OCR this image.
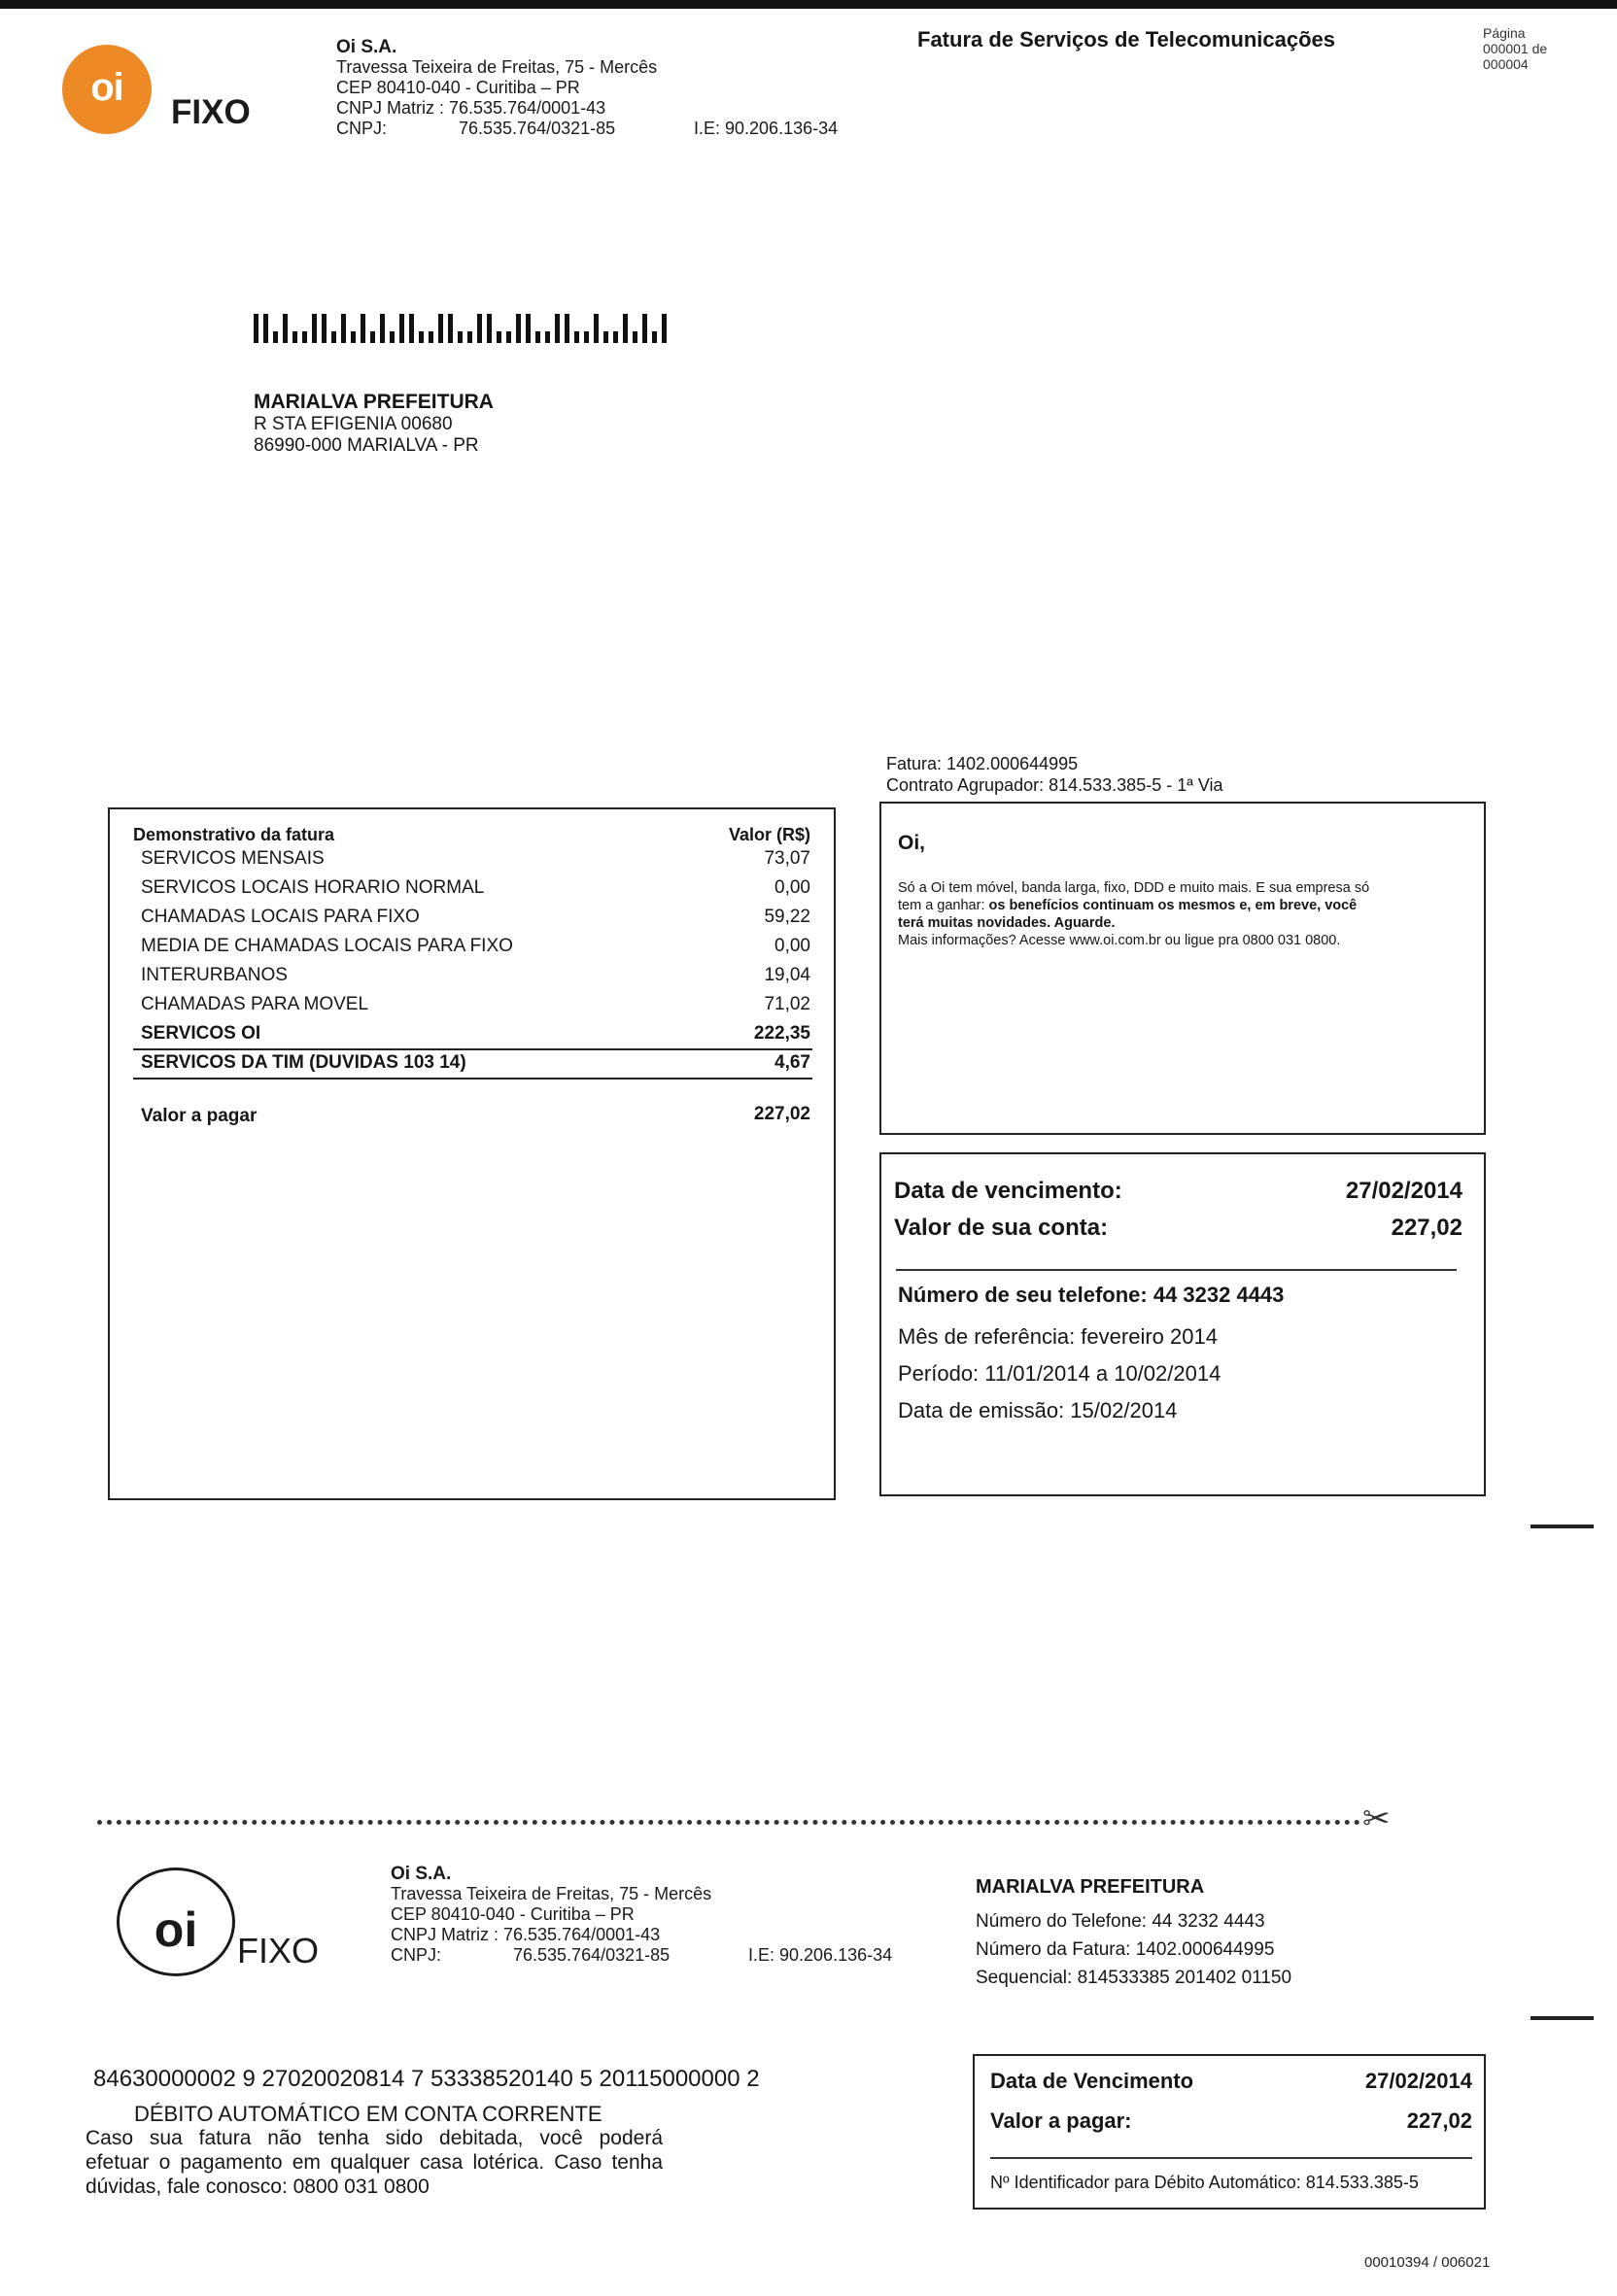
oi
FIXO
Oi S.A.
Travessa Teixeira de Freitas, 75 - Mercês
CEP 80410-040 - Curitiba – PR
CNPJ Matriz : 76.535.764/0001-43
CNPJ:	76.535.764/0321-85	I.E: 90.206.136-34
Fatura de Serviços de Telecomunicações	Página
000001 de
000004
MARIALVA PREFEITURA
R STA EFIGENIA 00680
86990-000 MARIALVA - PR
Fatura: 1402.000644995
Contrato Agrupador: 814.533.385-5 - 1ª Via
Demonstrativo da fatura	Valor (R$)
SERVICOS MENSAIS	73,07
SERVICOS LOCAIS HORARIO NORMAL	0,00
CHAMADAS LOCAIS PARA FIXO	59,22
MEDIA DE CHAMADAS LOCAIS PARA FIXO	0,00
INTERURBANOS	19,04
CHAMADAS PARA MOVEL	71,02
SERVICOS OI	222,35
SERVICOS DA TIM (DUVIDAS 103 14)	4,67
Valor a pagar	227,02
Oi,
Só a Oi tem móvel, banda larga, fixo, DDD e muito mais. E sua empresa só
tem a ganhar: os benefícios continuam os mesmos e, em breve, você
terá muitas novidades. Aguarde.
Mais informações? Acesse www.oi.com.br ou ligue pra 0800 031 0800.
Data de vencimento:	27/02/2014
Valor de sua conta:	227,02
Número de seu telefone: 44 3232 4443
Mês de referência: fevereiro 2014
Período: 11/01/2014 a 10/02/2014
Data de emissão: 15/02/2014
✂
oi	FIXO
Oi S.A.
Travessa Teixeira de Freitas, 75 - Mercês
CEP 80410-040 - Curitiba – PR
CNPJ Matriz : 76.535.764/0001-43
CNPJ:	76.535.764/0321-85	I.E: 90.206.136-34
MARIALVA PREFEITURA
Número do Telefone: 44 3232 4443
Número da Fatura: 1402.000644995
Sequencial: 814533385 201402 01150
84630000002 9 27020020814 7 53338520140 5 20115000000 2
DÉBITO AUTOMÁTICO EM CONTA CORRENTE
Caso sua fatura não tenha sido debitada, você poderá
efetuar o pagamento em qualquer casa lotérica. Caso tenha
dúvidas, fale conosco: 0800 031 0800
Data de Vencimento	27/02/2014
Valor a pagar:	227,02
Nº Identificador para Débito Automático: 814.533.385-5
00010394 / 006021
